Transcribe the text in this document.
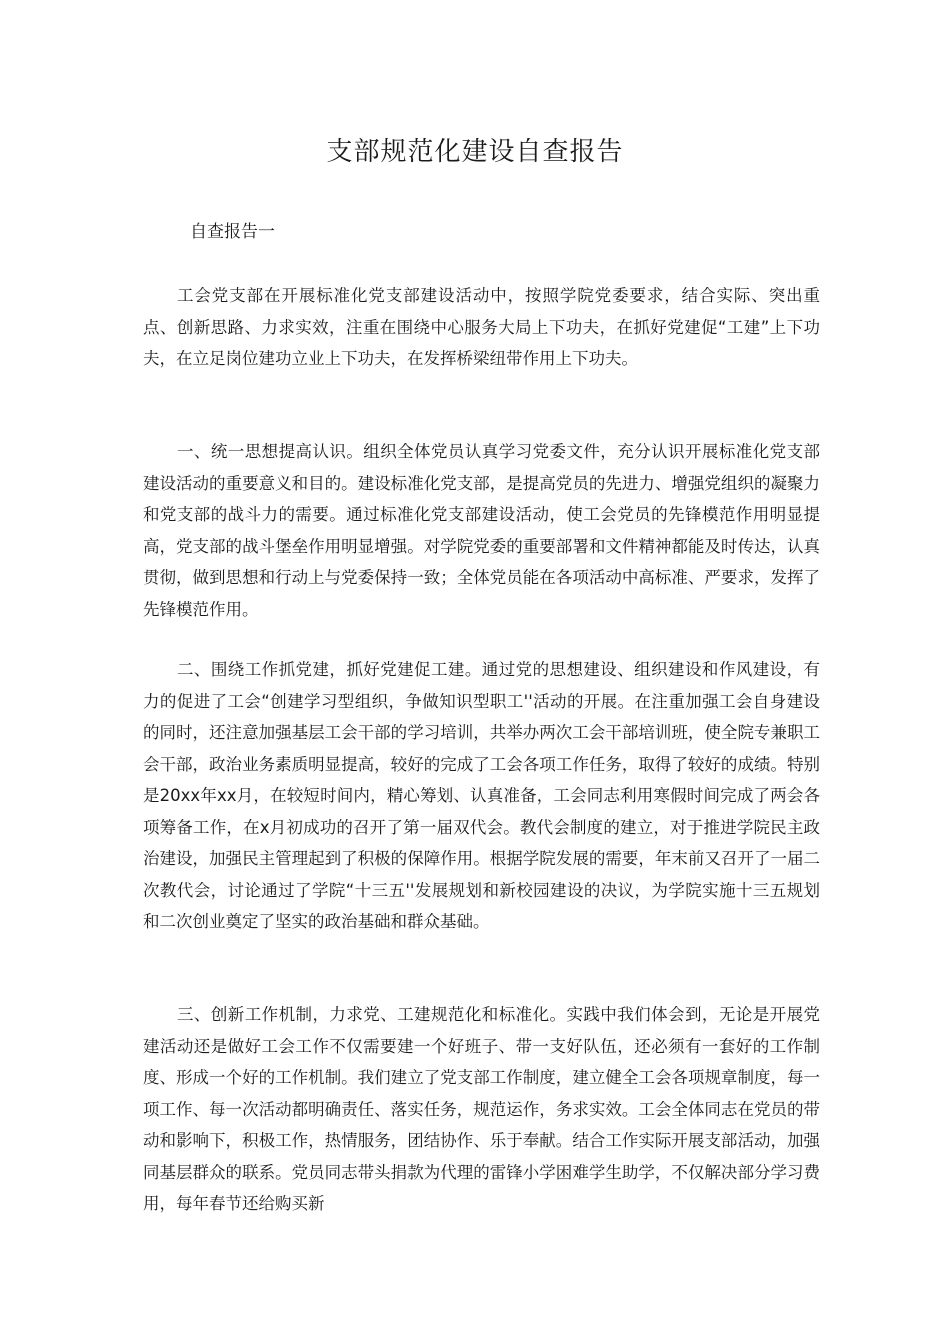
支部规范化建设自查报告

自查报告一

工会党支部在开展标准化党支部建设活动中，按照学院党委要求，结合实际、突出重点、创新思路、力求实效，注重在围绕中心服务大局上下功夫，在抓好党建促“工建”上下功夫，在立足岗位建功立业上下功夫，在发挥桥梁纽带作用上下功夫。

一、统一思想提高认识。组织全体党员认真学习党委文件，充分认识开展标准化党支部建设活动的重要意义和目的。建设标准化党支部，是提高党员的先进力、增强党组织的凝聚力和党支部的战斗力的需要。通过标准化党支部建设活动，使工会党员的先锋模范作用明显提高，党支部的战斗堡垒作用明显增强。对学院党委的重要部署和文件精神都能及时传达，认真贯彻，做到思想和行动上与党委保持一致；全体党员能在各项活动中高标准、严要求，发挥了先锋模范作用。

二、围绕工作抓党建，抓好党建促工建。通过党的思想建设、组织建设和作风建设，有力的促进了工会“创建学习型组织，争做知识型职工''活动的开展。在注重加强工会自身建设的同时，还注意加强基层工会干部的学习培训，共举办两次工会干部培训班，使全院专兼职工会干部，政治业务素质明显提高，较好的完成了工会各项工作任务，取得了较好的成绩。特别是20xx年xx月，在较短时间内，精心筹划、认真准备，工会同志利用寒假时间完成了两会各项筹备工作，在x月初成功的召开了第一届双代会。教代会制度的建立，对于推进学院民主政治建设，加强民主管理起到了积极的保障作用。根据学院发展的需要，年末前又召开了一届二次教代会，讨论通过了学院“十三五''发展规划和新校园建设的决议，为学院实施十三五规划和二次创业奠定了坚实的政治基础和群众基础。

三、创新工作机制，力求党、工建规范化和标准化。实践中我们体会到，无论是开展党建活动还是做好工会工作不仅需要建一个好班子、带一支好队伍，还必须有一套好的工作制度、形成一个好的工作机制。我们建立了党支部工作制度，建立健全工会各项规章制度，每一项工作、每一次活动都明确责任、落实任务，规范运作，务求实效。工会全体同志在党员的带动和影响下，积极工作，热情服务，团结协作、乐于奉献。结合工作实际开展支部活动，加强同基层群众的联系。党员同志带头捐款为代理的雷锋小学困难学生助学，不仅解决部分学习费用，每年春节还给购买新
